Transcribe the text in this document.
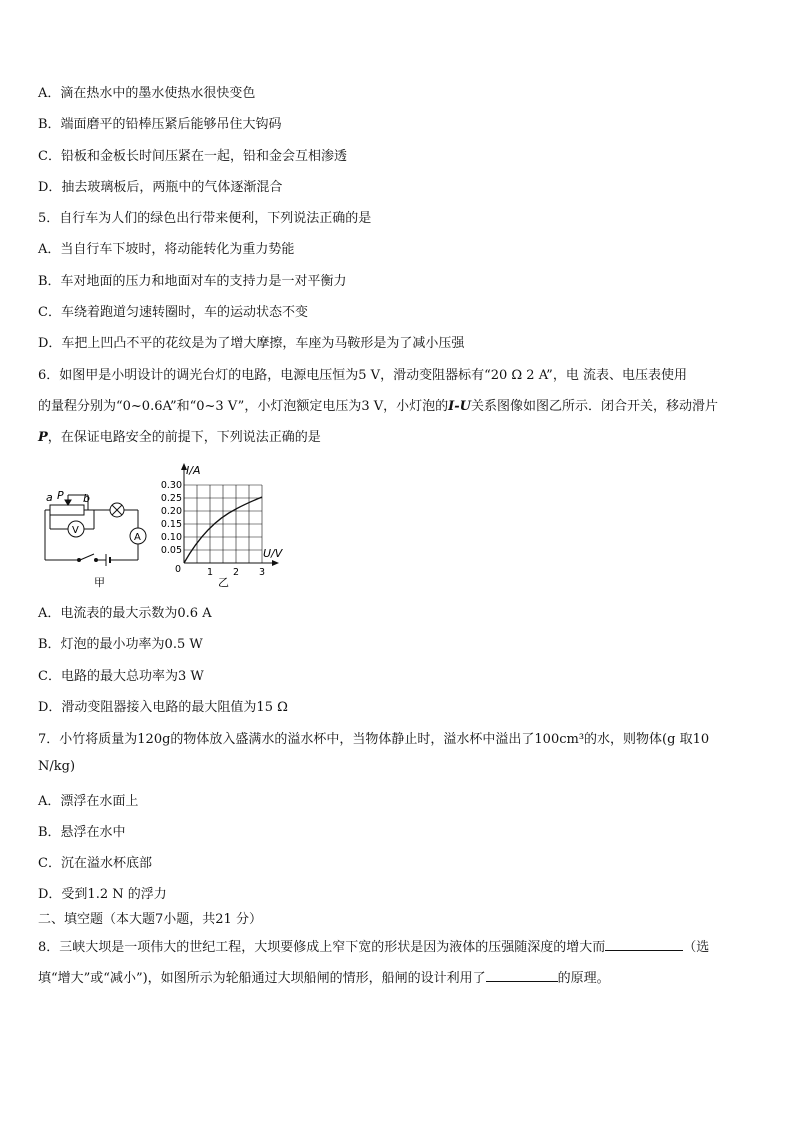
A．滴在热水中的墨水使热水很快变色
B．端面磨平的铅棒压紧后能够吊住大钩码
C．铅板和金板长时间压紧在一起，铅和金会互相渗透
D．抽去玻璃板后，两瓶中的气体逐渐混合
5．自行车为人们的绿色出行带来便利，下列说法正确的是
A．当自行车下坡时，将动能转化为重力势能
B．车对地面的压力和地面对车的支持力是一对平衡力
C．车绕着跑道匀速转圈时，车的运动状态不变
D．车把上凹凸不平的花纹是为了增大摩擦，车座为马鞍形是为了减小压强
6．如图甲是小明设计的调光台灯的电路，电源电压恒为5 V，滑动变阻器标有“20 Ω 2 A”，电 流表、电压表使用
的量程分别为“0~0.6A”和“0~3 V”，小灯泡额定电压为3 V，小灯泡的I-U关系图像如图乙所示．闭合开关，移动滑片
P，在保证电路安全的前提下，下列说法正确的是
a P b
V
A
甲
I/A
U/V
0.30
0.25
0.20
0.15
0.10
0.05
0	1 2 3
乙
A．电流表的最大示数为0.6 A
B．灯泡的最小功率为0.5 W
C．电路的最大总功率为3 W
D．滑动变阻器接入电路的最大阻值为15 Ω
7．小竹将质量为120g的物体放入盛满水的溢水杯中，当物体静止时，溢水杯中溢出了100cm³的水，则物体(g 取10
N/kg)
A．漂浮在水面上
B．悬浮在水中
C．沉在溢水杯底部
D．受到1.2 N 的浮力
二、填空题（本大题7小题，共21 分）
8．三峡大坝是一项伟大的世纪工程，大坝要修成上窄下宽的形状是因为液体的压强随深度的增大而	（选
填“增大”或“减小”)，如图所示为轮船通过大坝船闸的情形，船闸的设计利用了	的原理。
